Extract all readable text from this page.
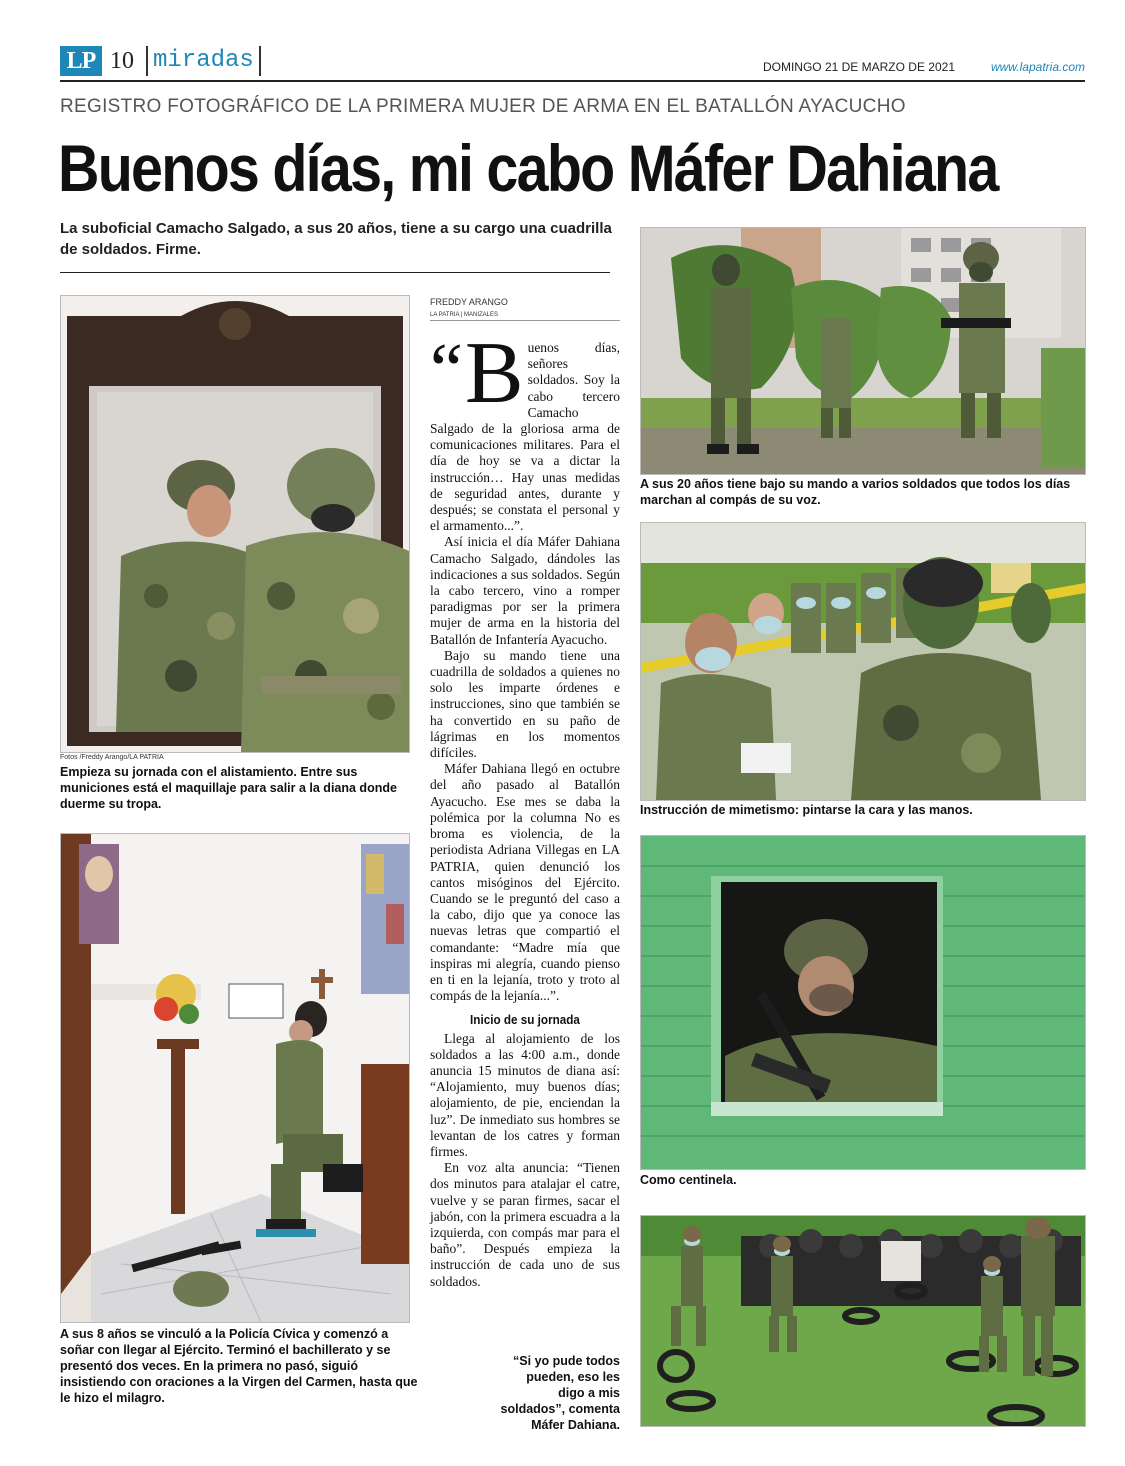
LP 10 miradas	DOMINGO 21 DE MARZO DE 2021	www.lapatria.com
REGISTRO FOTOGRÁFICO DE LA PRIMERA MUJER DE ARMA EN EL BATALLÓN AYACUCHO
Buenos días, mi cabo Máfer Dahiana
La suboficial Camacho Salgado, a sus 20 años, tiene a su cargo una cuadrilla de soldados. Firme.
Fotos /Freddy Arango/LA PATRIA
Empieza su jornada con el alistamiento. Entre sus municiones está el maquillaje para salir a la diana donde duerme su tropa.
A sus 8 años se vinculó a la Policía Cívica y comenzó a soñar con llegar al Ejército. Terminó el bachillerato y se presentó dos veces. En la primera no pasó, siguió insistiendo con oraciones a la Virgen del Carmen, hasta que le hizo el milagro.
FREDDY ARANGO
LA PATRIA | MANIZALES

“ B uenos días, señores soldados. Soy la cabo tercero Camacho Salgado de la gloriosa arma de comunicaciones militares. Para el día de hoy se va a dictar la instrucción… Hay unas medidas de seguridad antes, durante y después; se constata el personal y el armamento...”.

Así inicia el día Máfer Dahiana Camacho Salgado, dándoles las indicaciones a sus soldados. Según la cabo tercero, vino a romper paradigmas por ser la primera mujer de arma en la historia del Batallón de Infantería Ayacucho.

Bajo su mando tiene una cuadrilla de soldados a quienes no solo les imparte órdenes e instrucciones, sino que también se ha convertido en su paño de lágrimas en los momentos difíciles.

Máfer Dahiana llegó en octubre del año pasado al Batallón Ayacucho. Ese mes se daba la polémica por la columna No es broma es violencia, de la periodista Adriana Villegas en LA PATRIA, quien denunció los cantos misóginos del Ejército. Cuando se le preguntó del caso a la cabo, dijo que ya conoce las nuevas letras que compartió el comandante: “Madre mía que inspiras mi alegría, cuando pienso en ti en la lejanía, troto y troto al compás de la lejanía...”.

Inicio de su jornada

Llega al alojamiento de los soldados a las 4:00 a.m., donde anuncia 15 minutos de diana así: “Alojamiento, muy buenos días; alojamiento, de pie, enciendan la luz”. De inmediato sus hombres se levantan de los catres y forman firmes.

En voz alta anuncia: “Tienen dos minutos para atalajar el catre, vuelve y se paran firmes, sacar el jabón, con la primera escuadra a la izquierda, con compás mar para el baño”. Después empieza la instrucción de cada uno de sus soldados.

“Si yo pude todos pueden, eso les digo a mis soldados”, comenta Máfer Dahiana.
A sus 20 años tiene bajo su mando a varios soldados que todos los días marchan al compás de su voz.
Instrucción de mimetismo: pintarse la cara y las manos.
Como centinela.
